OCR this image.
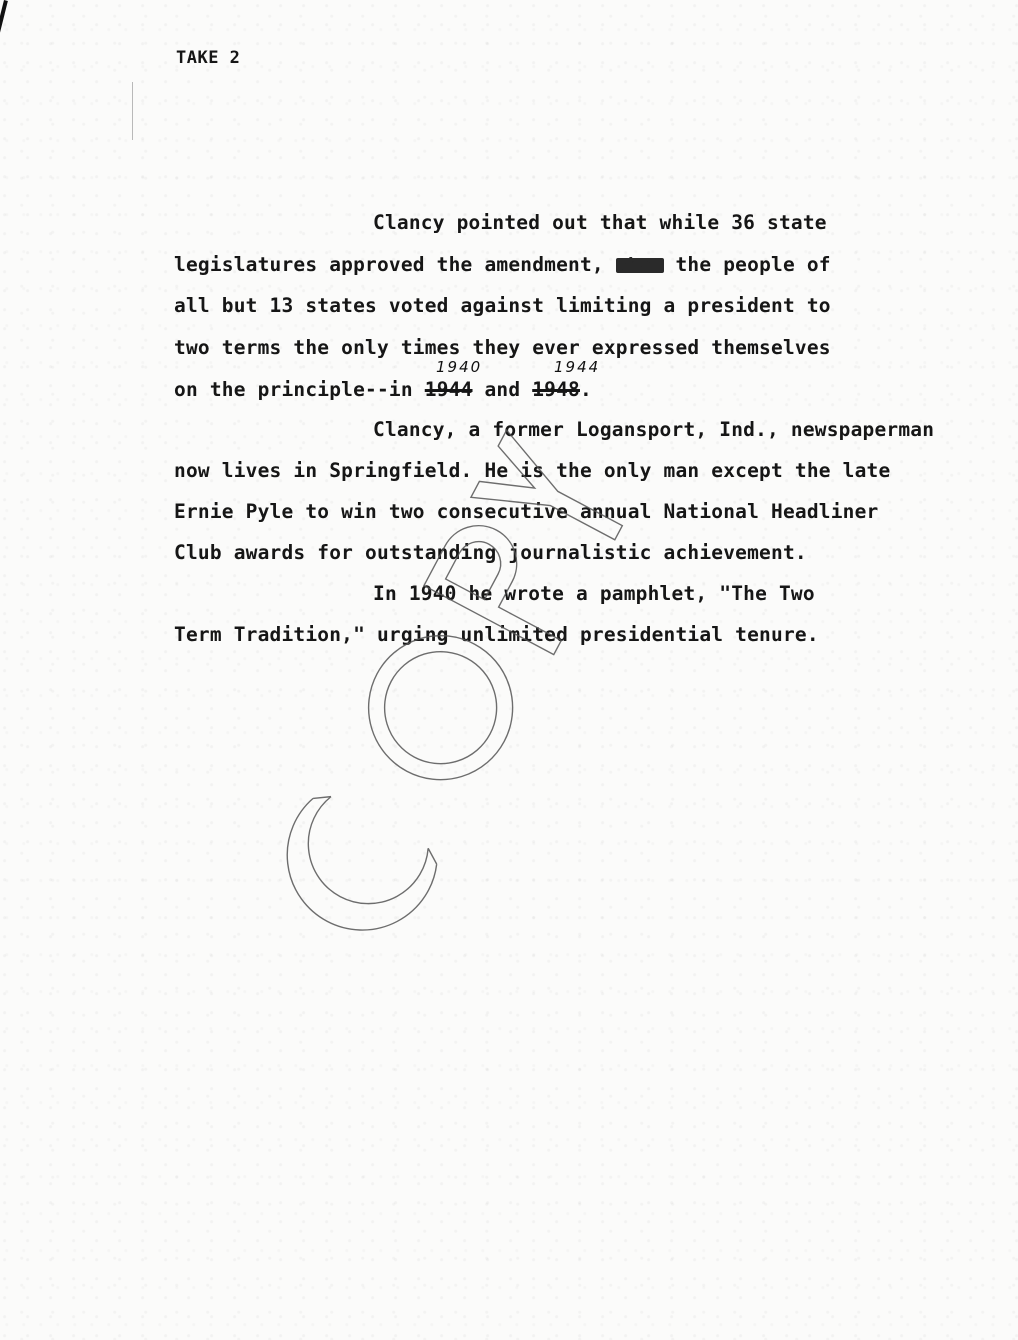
TAKE 2
Clancy pointed out that while 36 state
legislatures approved the amendment, that the people of
all but 13 states voted against limiting a president to
two terms the only times they ever expressed themselves
1940	1944
on the principle--in 1944 and 1948.
Clancy, a former Logansport, Ind., newspaperman
now lives in Springfield. He is the only man except the late
Ernie Pyle to win two consecutive annual National Headliner
Club awards for outstanding journalistic achievement.
In 1940 he wrote a pamphlet, "The Two
Term Tradition," urging unlimited presidential tenure.
